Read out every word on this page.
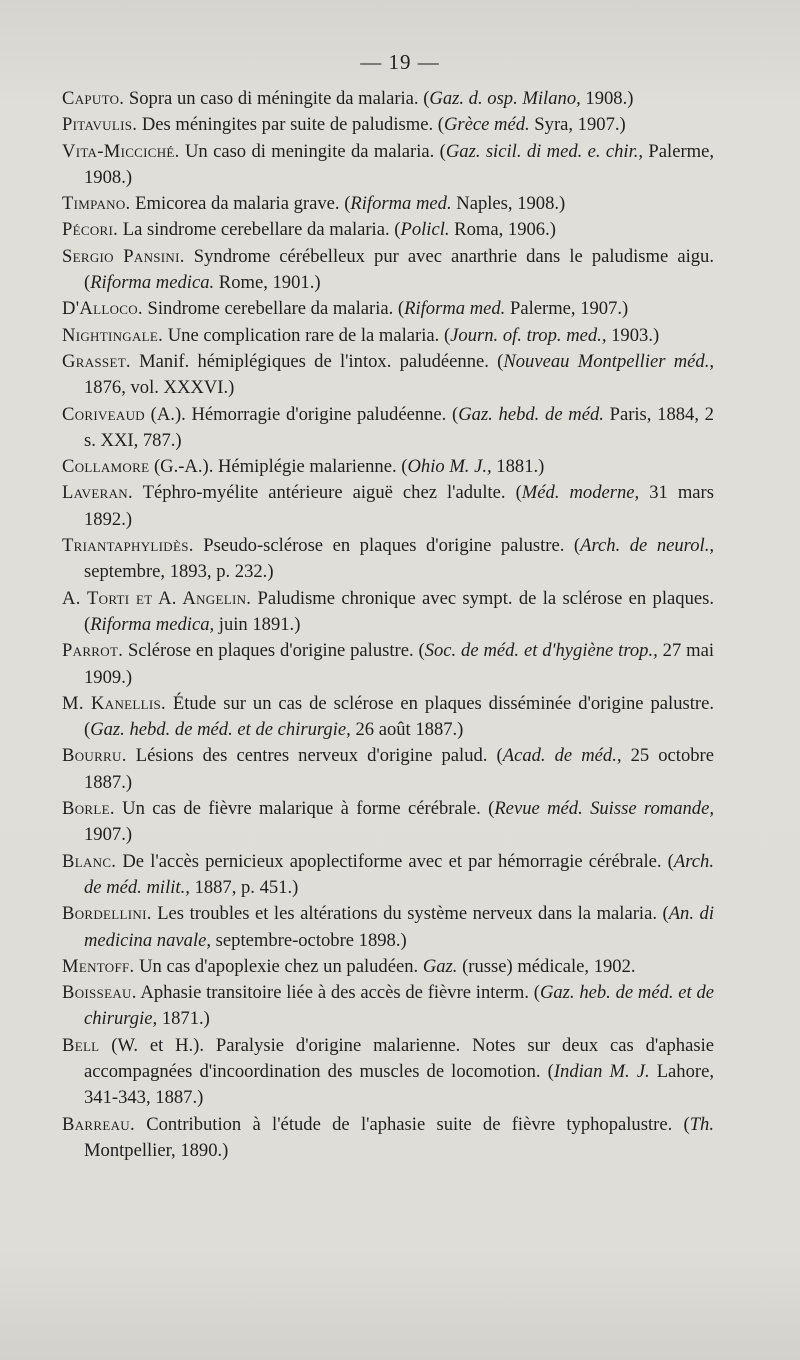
— 19 —
Caputo. Sopra un caso di méningite da malaria. (Gaz. d. osp. Milano, 1908.)
Pitavulis. Des méningites par suite de paludisme. (Grèce méd. Syra, 1907.)
Vita-Micciché. Un caso di meningite da malaria. (Gaz. sicil. di med. e. chir., Palerme, 1908.)
Timpano. Emicorea da malaria grave. (Riforma med. Naples, 1908.)
Pécori. La sindrome cerebellare da malaria. (Policl. Roma, 1906.)
Sergio Pansini. Syndrome cérébelleux pur avec anarthrie dans le paludisme aigu. (Riforma medica. Rome, 1901.)
D'Alloco. Sindrome cerebellare da malaria. (Riforma med. Palerme, 1907.)
Nightingale. Une complication rare de la malaria. (Journ. of. trop. med., 1903.)
Grasset. Manif. hémiplégiques de l'intox. paludéenne. (Nouveau Montpellier méd., 1876, vol. XXXVI.)
Coriveaud (A.). Hémorragie d'origine paludéenne. (Gaz. hebd. de méd. Paris, 1884, 2 s. XXI, 787.)
Collamore (G.-A.). Hémiplégie malarienne. (Ohio M. J., 1881.)
Laveran. Téphro-myélite antérieure aiguë chez l'adulte. (Méd. moderne, 31 mars 1892.)
Triantaphylidès. Pseudo-sclérose en plaques d'origine palustre. (Arch. de neurol., septembre, 1893, p. 232.)
A. Torti et A. Angelin. Paludisme chronique avec sympt. de la sclérose en plaques. (Riforma medica, juin 1891.)
Parrot. Sclérose en plaques d'origine palustre. (Soc. de méd. et d'hygiène trop., 27 mai 1909.)
M. Kanellis. Étude sur un cas de sclérose en plaques disséminée d'origine palustre. (Gaz. hebd. de méd. et de chirurgie, 26 août 1887.)
Bourru. Lésions des centres nerveux d'origine palud. (Acad. de méd., 25 octobre 1887.)
Borle. Un cas de fièvre malarique à forme cérébrale. (Revue méd. Suisse romande, 1907.)
Blanc. De l'accès pernicieux apoplectiforme avec et par hémorragie cérébrale. (Arch. de méd. milit., 1887, p. 451.)
Bordellini. Les troubles et les altérations du système nerveux dans la malaria. (An. di medicina navale, septembre-octobre 1898.)
Mentoff. Un cas d'apoplexie chez un paludéen. Gaz. (russe) médicale, 1902.
Boisseau. Aphasie transitoire liée à des accès de fièvre interm. (Gaz. heb. de méd. et de chirurgie, 1871.)
Bell (W. et H.). Paralysie d'origine malarienne. Notes sur deux cas d'aphasie accompagnées d'incoordination des muscles de locomotion. (Indian M. J. Lahore, 341-343, 1887.)
Barreau. Contribution à l'étude de l'aphasie suite de fièvre typhopalustre. (Th. Montpellier, 1890.)
